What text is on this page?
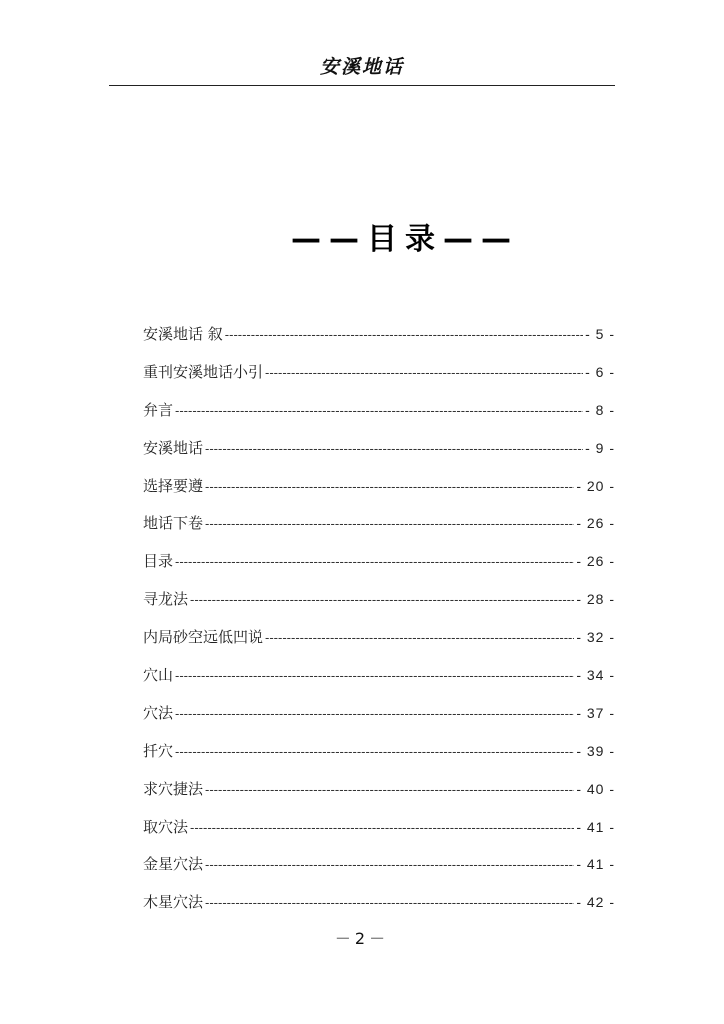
安溪地话
——目录——
安溪地话 叙 -----	- 5 -
重刊安溪地话小引 -----	- 6 -
弁言 -----	- 8 -
安溪地话 -----	- 9 -
选择要遵 -----	- 20 -
地话下卷 -----	- 26 -
目录 -----	- 26 -
寻龙法 -----	- 28 -
内局砂空远低凹说 -----	- 32 -
穴山 -----	- 34 -
穴法 -----	- 37 -
扦穴 -----	- 39 -
求穴捷法 -----	- 40 -
取穴法 -----	- 41 -
金星穴法 -----	- 41 -
木星穴法 -----	- 42 -
－2－
